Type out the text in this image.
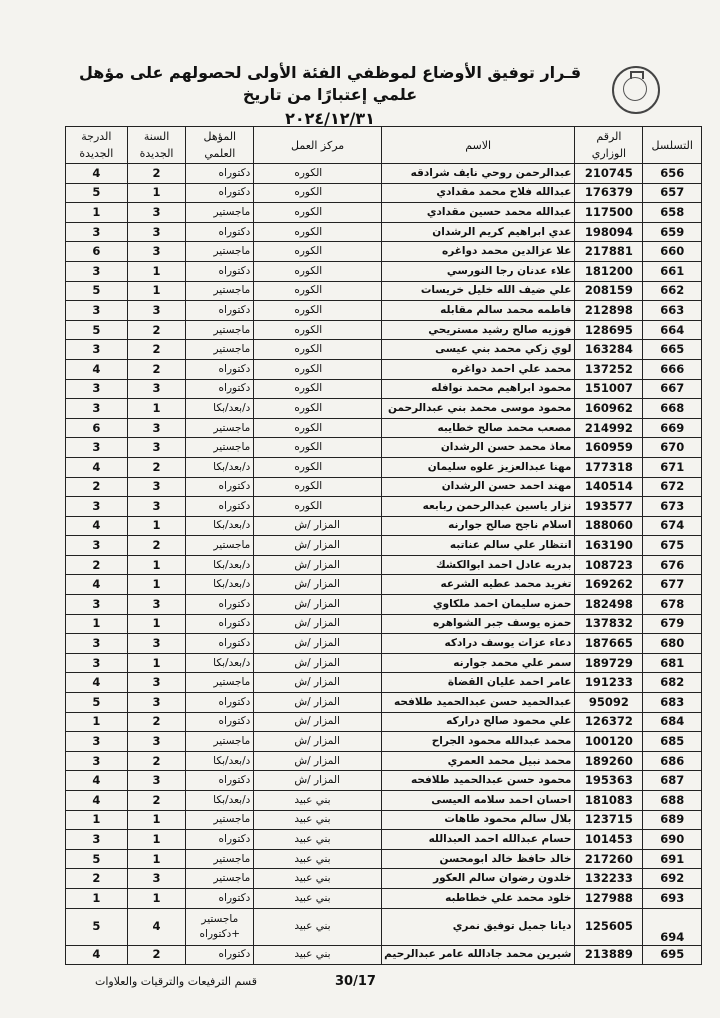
قـرار توفيق الأوضاع لموظفي الفئة الأولى لحصولهم على مؤهل علمي إعتبارًا من تاريخ
٢٠٢٤/١٢/٣١
التسلسل	الرقم الوزاري	الاسم	مركز العمل	المؤهل العلمي	السنة الجديدة	الدرجة الجديدة
656	210745	عبدالرحمن روحي نايف شرادقه	الكوره	دكتوراه	2	4
657	176379	عبدالله فلاح محمد مقدادي	الكوره	دكتوراه	1	5
658	117500	عبدالله محمد حسين مقدادي	الكوره	ماجستير	3	1
659	198094	عدي ابراهيم كريم الرشدان	الكوره	دكتوراه	3	3
660	217881	علا عزالدين محمد دواغره	الكوره	ماجستير	3	6
661	181200	علاء عدنان رجا النورسي	الكوره	دكتوراه	1	3
662	208159	علي ضيف الله خليل خريسات	الكوره	ماجستير	1	5
663	212898	فاطمه محمد سالم مقابله	الكوره	دكتوراه	3	3
664	128695	فوزيه صالح رشيد مستريحي	الكوره	ماجستير	2	5
665	163284	لوي زكي محمد بني عيسى	الكوره	ماجستير	2	3
666	137252	محمد علي احمد دواغره	الكوره	دكتوراه	2	4
667	151007	محمود ابراهيم محمد نوافله	الكوره	دكتوراه	3	3
668	160962	محمود موسى محمد بني عبدالرحمن	الكوره	د/بعد/بكا	1	3
669	214992	مصعب محمد صالح خطايبه	الكوره	ماجستير	3	6
670	160959	معاذ محمد حسن الرشدان	الكوره	ماجستير	3	3
671	177318	مهنا عبدالعزيز علوه سليمان	الكوره	د/بعد/بكا	2	4
672	140514	مهند احمد حسن الرشدان	الكوره	دكتوراه	3	2
673	193577	نزار ياسين عبدالرحمن ربابعه	الكوره	دكتوراه	3	3
674	188060	اسلام ناجح صالح جوارنه	المزار /ش	د/بعد/بكا	1	4
675	163190	انتظار علي سالم عناتبه	المزار /ش	ماجستير	2	3
676	108723	بدريه عادل احمد ابوالكشك	المزار /ش	د/بعد/بكا	1	2
677	169262	تغريد محمد عطيه الشرعه	المزار /ش	د/بعد/بكا	1	4
678	182498	حمزه سليمان احمد ملكاوي	المزار /ش	دكتوراه	3	3
679	137832	حمزه يوسف جبر الشواهره	المزار /ش	دكتوراه	1	1
680	187665	دعاء عزات يوسف درادكه	المزار /ش	دكتوراه	3	3
681	189729	سمر علي محمد جوارنه	المزار /ش	د/بعد/بكا	1	3
682	191233	عامر احمد عليان القضاة	المزار /ش	ماجستير	3	4
683	95092	عبدالحميد حسن عبدالحميد طلافحه	المزار /ش	دكتوراه	3	5
684	126372	علي محمود صالح دراركه	المزار /ش	دكتوراه	2	1
685	100120	محمد عبدالله محمود الجراح	المزار /ش	ماجستير	3	3
686	189260	محمد نبيل محمد العمري	المزار /ش	د/بعد/بكا	2	3
687	195363	محمود حسن عبدالحميد طلافحه	المزار /ش	دكتوراه	3	4
688	181083	احسان احمد سلامه العيسى	بني عبيد	د/بعد/بكا	2	4
689	123715	بلال سالم محمود طاهات	بني عبيد	ماجستير	1	1
690	101453	حسام عبدالله احمد العبدالله	بني عبيد	دكتوراه	1	3
691	217260	خالد حافظ خالد ابومحسن	بني عبيد	ماجستير	1	5
692	132233	خلدون رضوان سالم العكور	بني عبيد	ماجستير	3	2
693	127988	خلود محمد علي خطاطبه	بني عبيد	دكتوراه	1	1
694	125605	ديانا جميل توفيق نمري	بني عبيد	ماجستير +دكتوراه	4	5
695	213889	شيرين محمد جادالله عامر عبدالرحيم	بني عبيد	دكتوراه	2	4
30/17
قسم الترفيعات والترقيات والعلاوات
